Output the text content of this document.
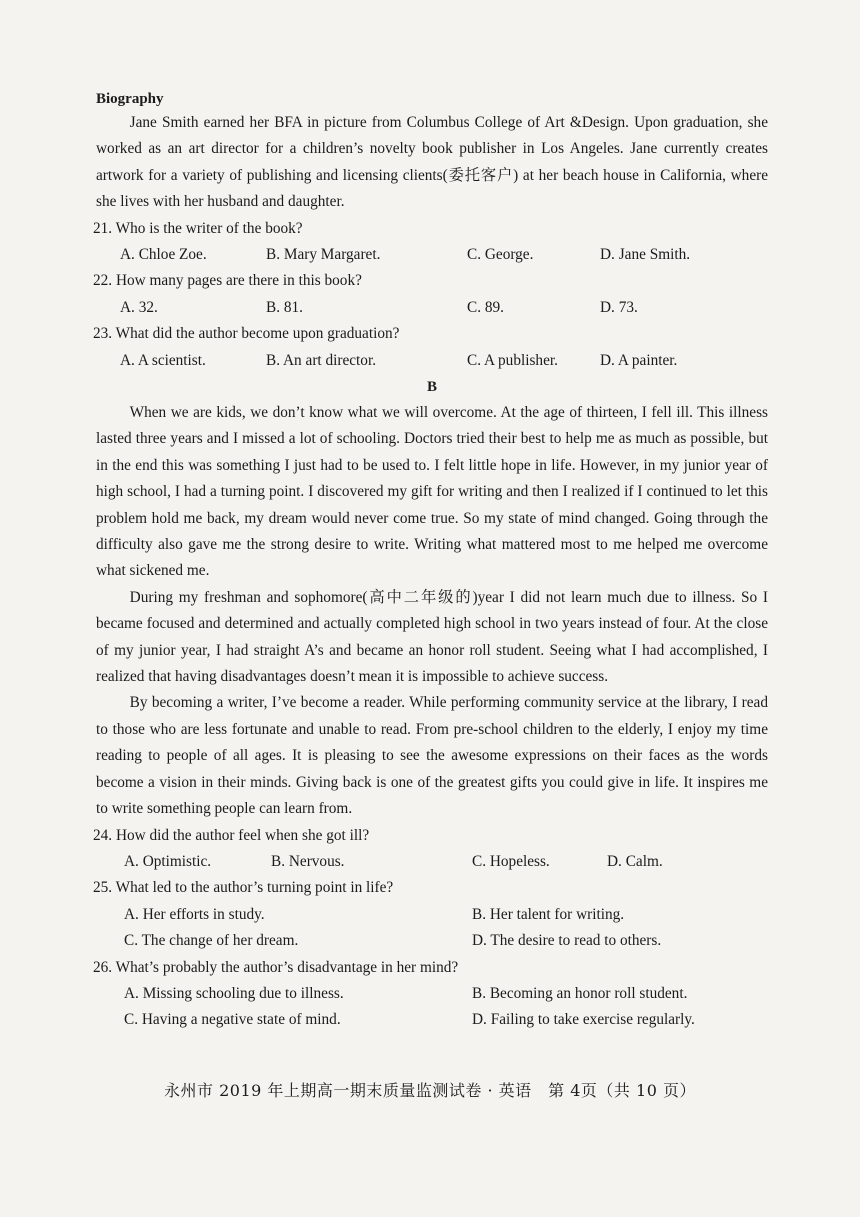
Biography

Jane Smith earned her BFA in picture from Columbus College of Art &Design. Upon graduation, she worked as an art director for a children’s novelty book publisher in Los Angeles. Jane currently creates artwork for a variety of publishing and licensing clients(委托客户) at her beach house in California, where she lives with her husband and daughter.

21. Who is the writer of the book?
A. Chloe Zoe.	B. Mary Margaret.	C. George.	D. Jane Smith.
22. How many pages are there in this book?
A. 32.	B. 81.	C. 89.	D. 73.
23. What did the author become upon graduation?
A. A scientist.	B. An art director.	C. A publisher.	D. A painter.
B

When we are kids, we don’t know what we will overcome. At the age of thirteen, I fell ill. This illness lasted three years and I missed a lot of schooling. Doctors tried their best to help me as much as possible, but in the end this was something I just had to be used to. I felt little hope in life. However, in my junior year of high school, I had a turning point. I discovered my gift for writing and then I realized if I continued to let this problem hold me back, my dream would never come true. So my state of mind changed. Going through the difficulty also gave me the strong desire to write. Writing what mattered most to me helped me overcome what sickened me.

During my freshman and sophomore(高中二年级的)year I did not learn much due to illness. So I became focused and determined and actually completed high school in two years instead of four. At the close of my junior year, I had straight A’s and became an honor roll student. Seeing what I had accomplished, I realized that having disadvantages doesn’t mean it is impossible to achieve success.

By becoming a writer, I’ve become a reader. While performing community service at the library, I read to those who are less fortunate and unable to read. From pre-school children to the elderly, I enjoy my time reading to people of all ages. It is pleasing to see the awesome expressions on their faces as the words become a vision in their minds. Giving back is one of the greatest gifts you could give in life. It inspires me to write something people can learn from.

24. How did the author feel when she got ill?
A. Optimistic.	B. Nervous.	C. Hopeless.	D. Calm.
25. What led to the author’s turning point in life?
A. Her efforts in study.	B. Her talent for writing.
C. The change of her dream.	D. The desire to read to others.
26. What’s probably the author’s disadvantage in her mind?
A. Missing schooling due to illness.	B. Becoming an honor roll student.
C. Having a negative state of mind.	D. Failing to take exercise regularly.
永州市 2019 年上期高一期末质量监测试卷 · 英语　第 4页（共 10 页）
